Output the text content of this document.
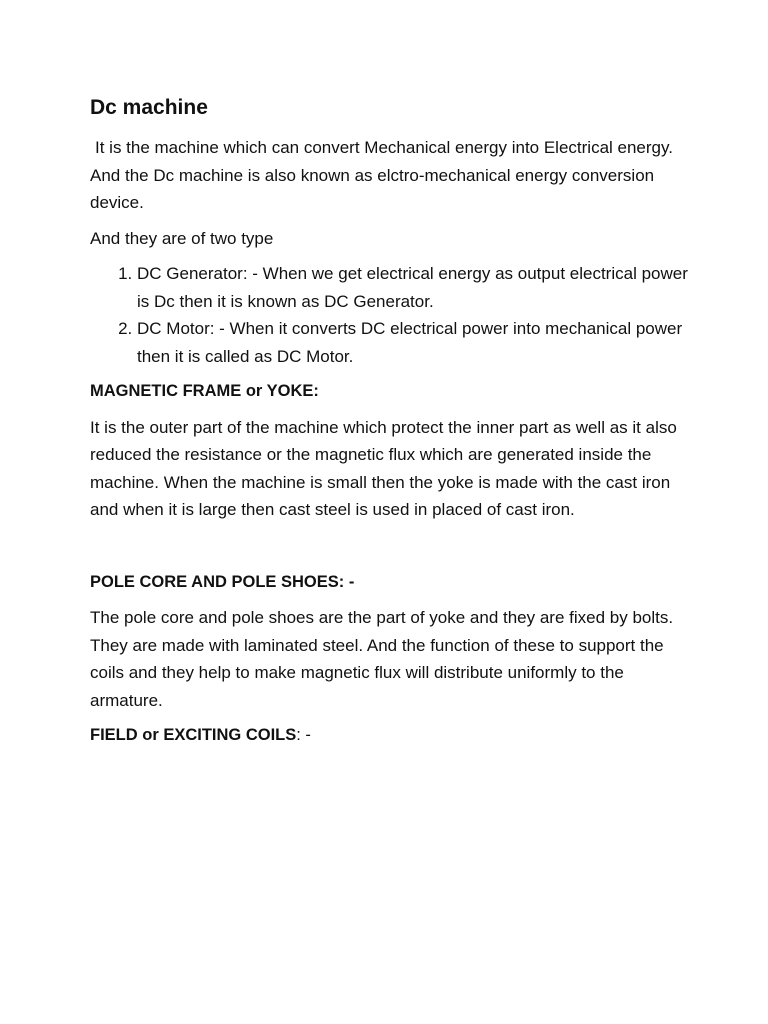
Dc machine

It is the machine which can convert Mechanical energy into Electrical energy. And the Dc machine is also known as elctro-mechanical energy conversion device.

And they are of two type

1. DC Generator: - When we get electrical energy as output electrical power is Dc then it is known as DC Generator.
2. DC Motor: - When it converts DC electrical power into mechanical power then it is called as DC Motor.
MAGNETIC FRAME or YOKE:

It is the outer part of the machine which protect the inner part as well as it also reduced the resistance or the magnetic flux which are generated inside the machine. When the machine is small then the yoke is made with the cast iron and when it is large then cast steel is used in placed of cast iron.

POLE CORE AND POLE SHOES: -

The pole core and pole shoes are the part of yoke and they are fixed by bolts. They are made with laminated steel. And the function of these to support the coils and they help to make magnetic flux will distribute uniformly to the armature.

FIELD or EXCITING COILS: -
